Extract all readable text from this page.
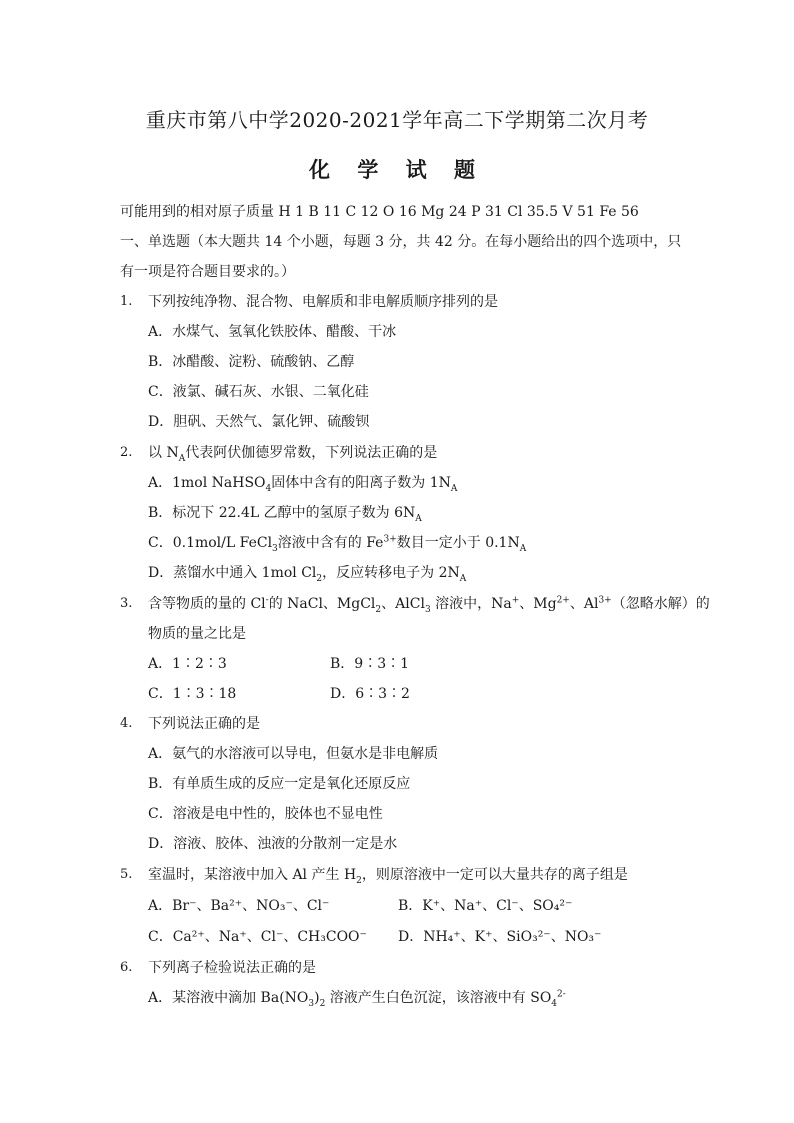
重庆市第八中学2020-2021学年高二下学期第二次月考
化 学 试 题
可能用到的相对原子质量 H 1 B 11 C 12 O 16 Mg 24 P 31 Cl 35.5 V 51 Fe 56
一、单选题（本大题共 14 个小题，每题 3 分，共 42 分。在每小题给出的四个选项中，只
有一项是符合题目要求的。）
1. 下列按纯净物、混合物、电解质和非电解质顺序排列的是
A．水煤气、氢氧化铁胶体、醋酸、干冰
B．冰醋酸、淀粉、硫酸钠、乙醇
C．液氯、碱石灰、水银、二氧化硅
D．胆矾、天然气、氯化钾、硫酸钡
2. 以 $N_A$代表阿伏伽德罗常数，下列说法正确的是
A．1mol NaHSO$_4$固体中含有的阳离子数为 $1N_A$
B．标况下 22.4L 乙醇中的氢原子数为 $6N_A$
C．0.1mol/L FeCl$_3$溶液中含有的 $Fe^{3+}$数目一定小于 $0.1N_A$
D．蒸馏水中通入 1mol $Cl_2$，反应转移电子为 $2N_A$
3. 含等物质的量的 Cl-的 NaCl、MgCl$_2$、AlCl$_3$ 溶液中，Na+、$Mg^{2+}$、$Al^{3+}$（忽略水解）的
物质的量之比是
A．1∶2∶3	B．9∶3∶1
C．1∶3∶18	D．6∶3∶2
4. 下列说法正确的是
A．氨气的水溶液可以导电，但氨水是非电解质
B．有单质生成的反应一定是氧化还原反应
C．溶液是电中性的，胶体也不显电性
D．溶液、胶体、浊液的分散剂一定是水
5. 室温时，某溶液中加入 Al 产生 $H_2$，则原溶液中一定可以大量共存的离子组是
A．Br⁻、Ba²⁺、NO₃⁻、Cl⁻	B．K⁺、Na⁺、Cl⁻、SO₄²⁻
C．Ca²⁺、Na⁺、Cl⁻、CH₃COO⁻ D．NH₄⁺、K⁺、SiO₃²⁻、NO₃⁻
6. 下列离子检验说法正确的是
A．某溶液中滴加 $Ba(NO_3)_2$ 溶液产生白色沉淀，该溶液中有 $SO_4^{2-}$
